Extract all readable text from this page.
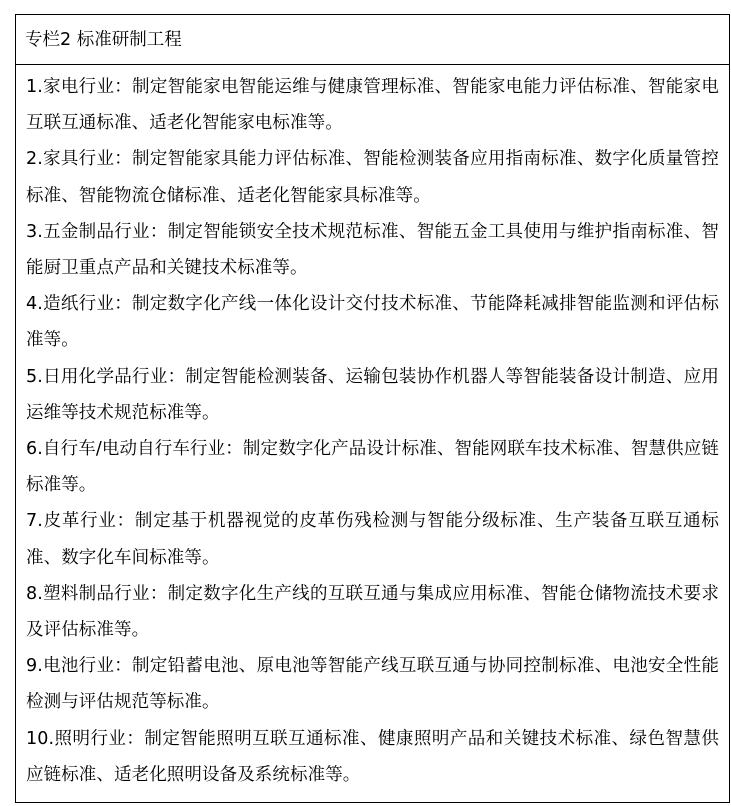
专栏2 标准研制工程
1.家电行业：制定智能家电智能运维与健康管理标准、智能家电能力评估标准、智能家电互联互通标准、适老化智能家电标准等。
2.家具行业：制定智能家具能力评估标准、智能检测装备应用指南标准、数字化质量管控标准、智能物流仓储标准、适老化智能家具标准等。
3.五金制品行业：制定智能锁安全技术规范标准、智能五金工具使用与维护指南标准、智能厨卫重点产品和关键技术标准等。
4.造纸行业：制定数字化产线一体化设计交付技术标准、节能降耗减排智能监测和评估标准等。
5.日用化学品行业：制定智能检测装备、运输包装协作机器人等智能装备设计制造、应用运维等技术规范标准等。
6.自行车/电动自行车行业：制定数字化产品设计标准、智能网联车技术标准、智慧供应链标准等。
7.皮革行业：制定基于机器视觉的皮革伤残检测与智能分级标准、生产装备互联互通标准、数字化车间标准等。
8.塑料制品行业：制定数字化生产线的互联互通与集成应用标准、智能仓储物流技术要求及评估标准等。
9.电池行业：制定铅蓄电池、原电池等智能产线互联互通与协同控制标准、电池安全性能检测与评估规范等标准。
10.照明行业：制定智能照明互联互通标准、健康照明产品和关键技术标准、绿色智慧供应链标准、适老化照明设备及系统标准等。
